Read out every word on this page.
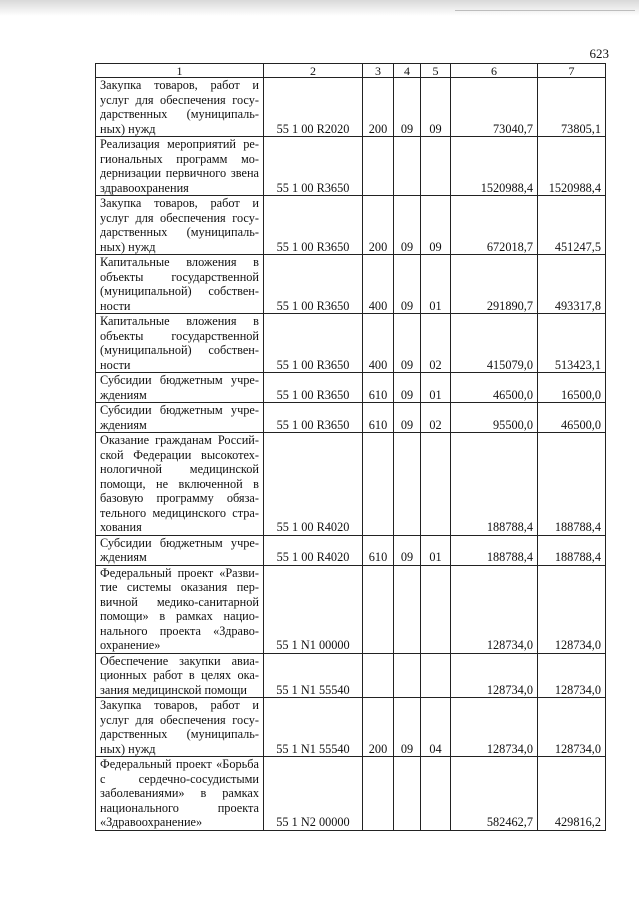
623
1	2	3	4	5	6	7
Закупка товаров, работ и услуг для обеспечения государственных (муниципальных) нужд	55 1 00 R2020	200	09	09	73040,7	73805,1
Реализация мероприятий региональных программ модернизации первичного звена здравоохранения	55 1 00 R3650				1520988,4	1520988,4
Закупка товаров, работ и услуг для обеспечения государственных (муниципальных) нужд	55 1 00 R3650	200	09	09	672018,7	451247,5
Капитальные вложения в объекты государственной (муниципальной) собственности	55 1 00 R3650	400	09	01	291890,7	493317,8
Капитальные вложения в объекты государственной (муниципальной) собственности	55 1 00 R3650	400	09	02	415079,0	513423,1
Субсидии бюджетным учреждениям	55 1 00 R3650	610	09	01	46500,0	16500,0
Субсидии бюджетным учреждениям	55 1 00 R3650	610	09	02	95500,0	46500,0
Оказание гражданам Российской Федерации высокотехнологичной медицинской помощи, не включенной в базовую программу обязательного медицинского страхования	55 1 00 R4020				188788,4	188788,4
Субсидии бюджетным учреждениям	55 1 00 R4020	610	09	01	188788,4	188788,4
Федеральный проект «Развитие системы оказания первичной медико-санитарной помощи» в рамках национального проекта «Здравоохранение»	55 1 N1 00000				128734,0	128734,0
Обеспечение закупки авиационных работ в целях оказания медицинской помощи	55 1 N1 55540				128734,0	128734,0
Закупка товаров, работ и услуг для обеспечения государственных (муниципальных) нужд	55 1 N1 55540	200	09	04	128734,0	128734,0
Федеральный проект «Борьба с сердечно-сосудистыми заболеваниями» в рамках национального проекта «Здравоохранение»	55 1 N2 00000				582462,7	429816,2
